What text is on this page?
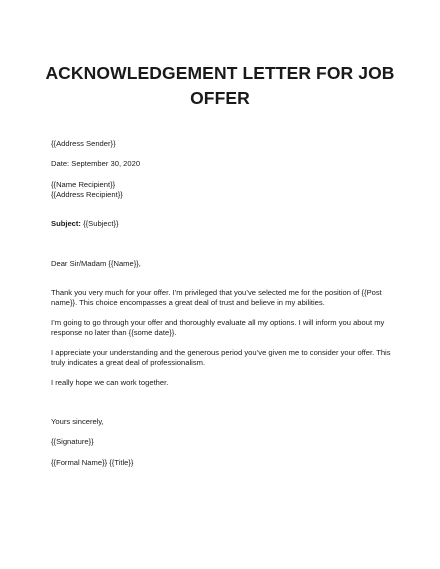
ACKNOWLEDGEMENT LETTER FOR JOB
OFFER
{{Address Sender}}
Date: September 30, 2020
{{Name Recipient}}
{{Address Recipient}}
Subject: {{Subject}}
Dear Sir/Madam {{Name}},
Thank you very much for your offer. I’m privileged that you’ve selected me for the position of {{Post
name}}. This choice encompasses a great deal of trust and believe in my abilities.
I’m going to go through your offer and thoroughly evaluate all my options. I will inform you about my
response no later than {{some date}}.
I appreciate your understanding and the generous period you’ve given me to consider your offer. This
truly indicates a great deal of professionalism.
I really hope we can work together.
Yours sincerely,
{{Signature}}
{{Formal Name}} {{Title}}
